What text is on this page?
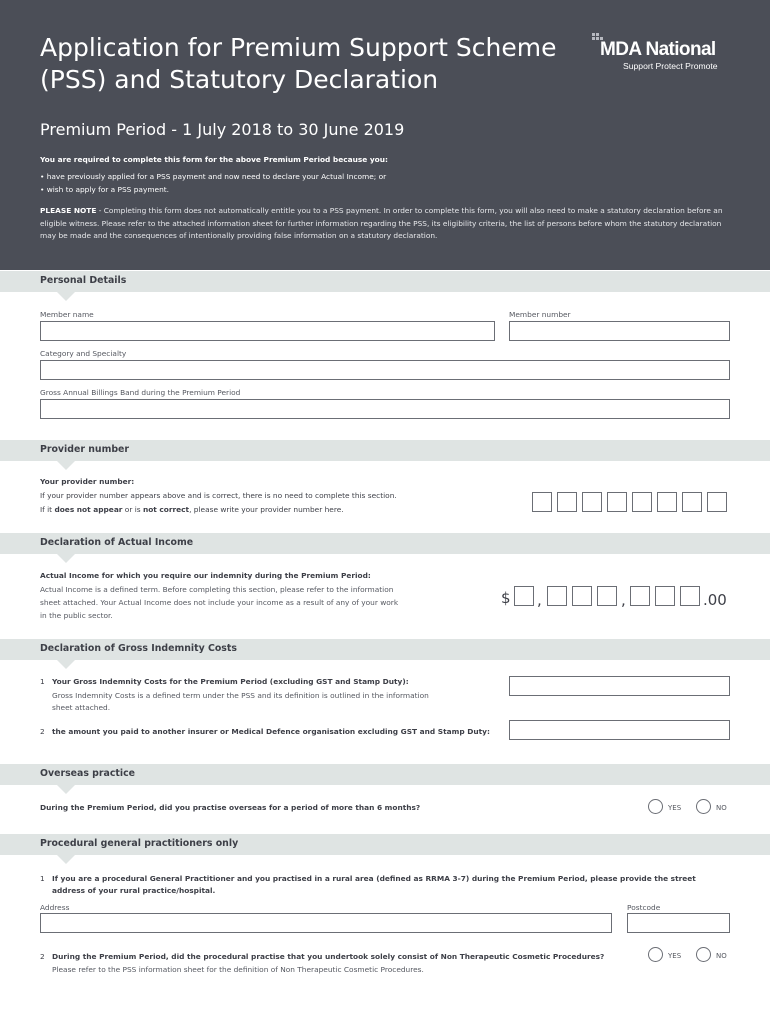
Application for Premium Support Scheme
(PSS) and Statutory Declaration
MDA National
Support Protect Promote
Premium Period - 1 July 2018 to 30 June 2019
You are required to complete this form for the above Premium Period because you:
• have previously applied for a PSS payment and now need to declare your Actual Income; or
• wish to apply for a PSS payment.
PLEASE NOTE - Completing this form does not automatically entitle you to a PSS payment. In order to complete this form, you will also need to make a statutory declaration before an eligible witness. Please refer to the attached information sheet for further information regarding the PSS, its eligibility criteria, the list of persons before whom the statutory declaration may be made and the consequences of intentionally providing false information on a statutory declaration.
Personal Details
Member name	Member number
Category and Specialty
Gross Annual Billings Band during the Premium Period
Provider number
Your provider number:
If your provider number appears above and is correct, there is no need to complete this section.
If it does not appear or is not correct, please write your provider number here.
Declaration of Actual Income
Actual Income for which you require our indemnity during the Premium Period:
Actual Income is a defined term. Before completing this section, please refer to the information
sheet attached. Your Actual Income does not include your income as a result of any of your work
in the public sector.
$ ,	,	.00
Declaration of Gross Indemnity Costs
1 Your Gross Indemnity Costs for the Premium Period (excluding GST and Stamp Duty):
Gross Indemnity Costs is a defined term under the PSS and its definition is outlined in the information
sheet attached.
2 the amount you paid to another insurer or Medical Defence organisation excluding GST and Stamp Duty:
Overseas practice
During the Premium Period, did you practise overseas for a period of more than 6 months?	YES	NO
Procedural general practitioners only
1 If you are a procedural General Practitioner and you practised in a rural area (defined as RRMA 3-7) during the Premium Period, please provide the street
address of your rural practice/hospital.
Address	Postcode
2 During the Premium Period, did the procedural practise that you undertook solely consist of Non Therapeutic Cosmetic Procedures?
Please refer to the PSS information sheet for the definition of Non Therapeutic Cosmetic Procedures.
YES	NO
